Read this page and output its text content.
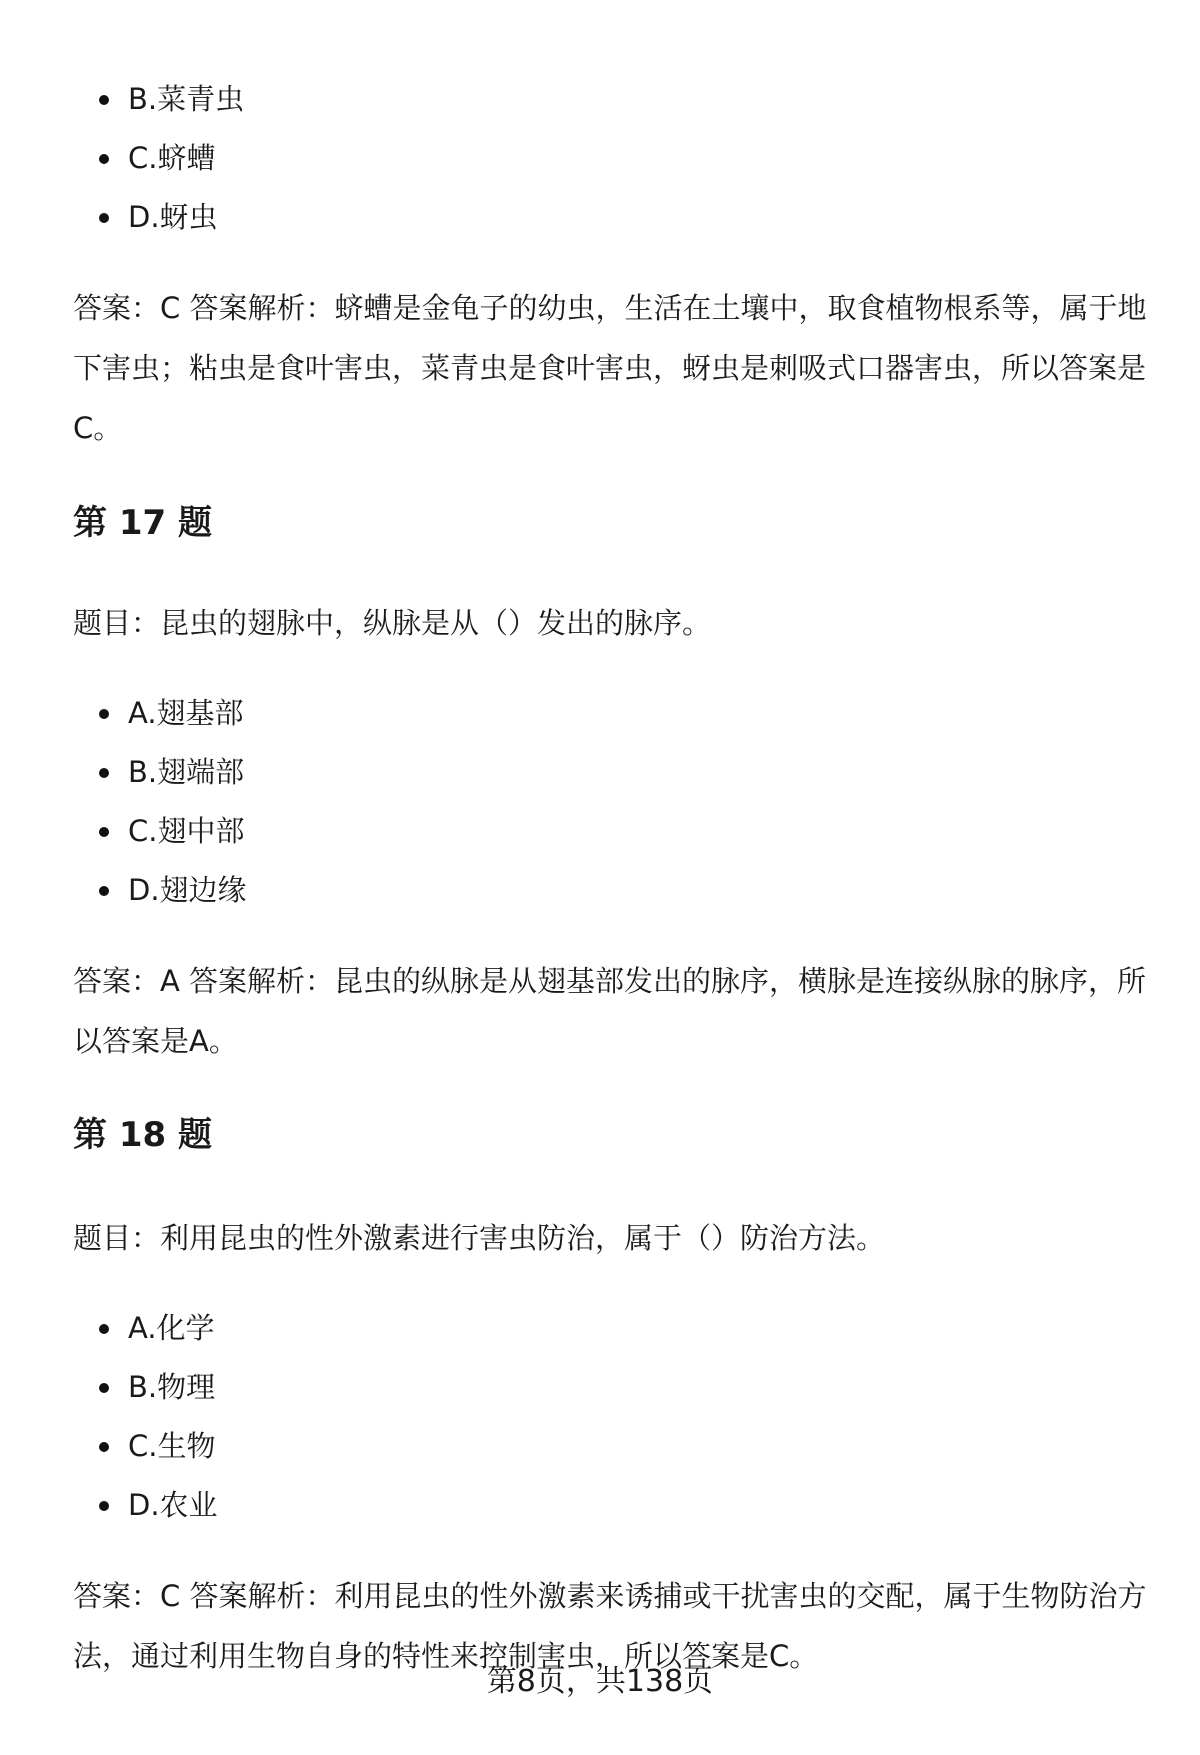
B.菜青虫
C.蛴螬
D.蚜虫

答案：C 答案解析：蛴螬是金龟子的幼虫，生活在土壤中，取食植物根系等，属于地下害虫；粘虫是食叶害虫，菜青虫是食叶害虫，蚜虫是刺吸式口器害虫，所以答案是C。

第 17 题

题目：昆虫的翅脉中，纵脉是从（）发出的脉序。

A.翅基部
B.翅端部
C.翅中部
D.翅边缘

答案：A 答案解析：昆虫的纵脉是从翅基部发出的脉序，横脉是连接纵脉的脉序，所以答案是A。

第 18 题

题目：利用昆虫的性外激素进行害虫防治，属于（）防治方法。

A.化学
B.物理
C.生物
D.农业

答案：C 答案解析：利用昆虫的性外激素来诱捕或干扰害虫的交配，属于生物防治方法，通过利用生物自身的特性来控制害虫，所以答案是C。

第8页，共138页
